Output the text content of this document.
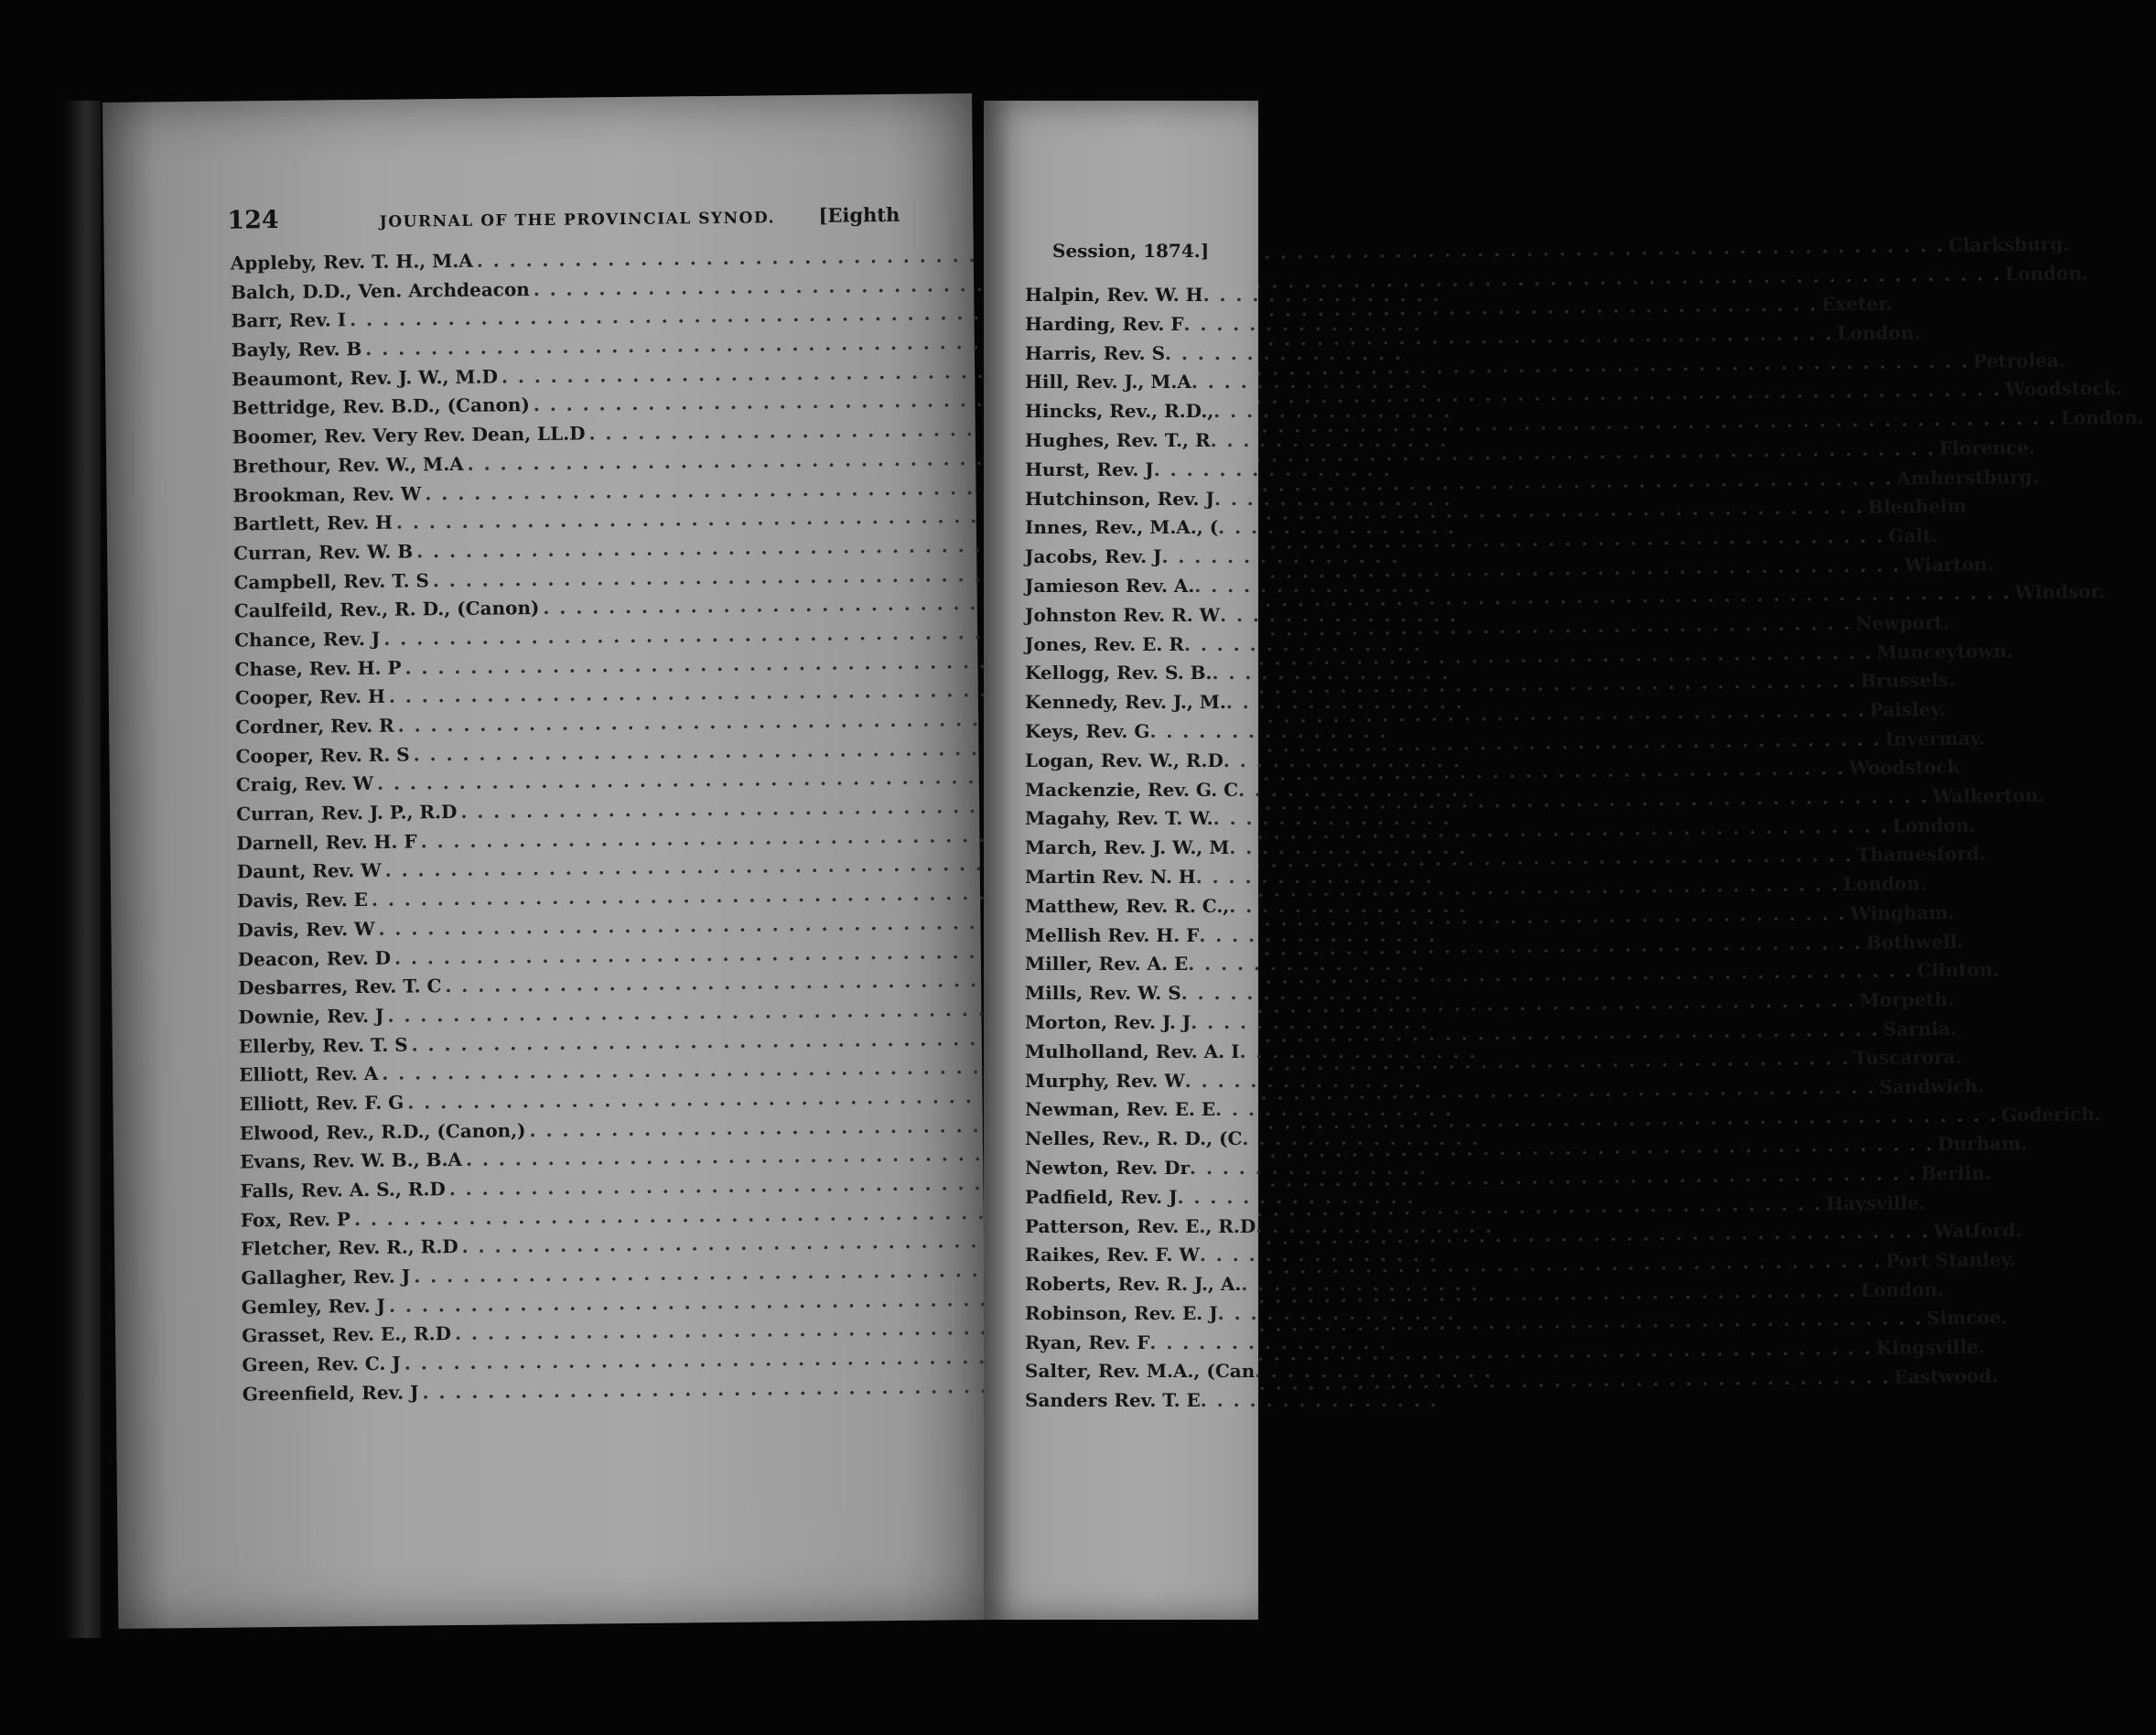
124	JOURNAL OF THE PROVINCIAL SYNOD.	[Eighth
Appleby, Rev. T. H., M.A
. . .
Clarksburg.
Balch, D.D., Ven. Archdeacon
. . .
London.
Barr, Rev. I
. . .
Exeter.
Bayly, Rev. B
. . .
London.
Beaumont, Rev. J. W., M.D
. . .
Petrolea.
Bettridge, Rev. B.D., (Canon)
. . .
Woodstock.
Boomer, Rev. Very Rev. Dean, LL.D
. . .
London.
Brethour, Rev. W., M.A
. . .
Florence.
Brookman, Rev. W
. . .
Amherstburg.
Bartlett, Rev. H
. . .
Blenheim
Curran, Rev. W. B
. . .
Galt.
Campbell, Rev. T. S
. . .
Wiarton.
Caulfeild, Rev., R. D., (Canon)
. . .
Windsor.
Chance, Rev. J
. . .
Newport.
Chase, Rev. H. P
. . .
Munceytown.
Cooper, Rev. H
. . .
Brussels.
Cordner, Rev. R
. . .
Paisley.
Cooper, Rev. R. S
. . .
Invermay.
Craig, Rev. W
. . .
Woodstock
Curran, Rev. J. P., R.D
. . .
Walkerton.
Darnell, Rev. H. F
. . .
London.
Daunt, Rev. W
. . .
Thamesford.
Davis, Rev. E
. . .
London.
Davis, Rev. W
. . .
Wingham.
Deacon, Rev. D
. . .
Bothwell.
Desbarres, Rev. T. C
. . .
Clinton.
Downie, Rev. J
. . .
Morpeth.
Ellerby, Rev. T. S
. . .
Sarnia.
Elliott, Rev. A
. . .
Tuscarora.
Elliott, Rev. F. G
. . .
Sandwich.
Elwood, Rev., R.D., (Canon,)
. . .
Goderich.
Evans, Rev. W. B., B.A
. . .
Durham.
Falls, Rev. A. S., R.D
. . .
Berlin.
Fox, Rev. P
. . .
Haysville.
Fletcher, Rev. R., R.D
. . .
Watford.
Gallagher, Rev. J
. . .
Port Stanley.
Gemley, Rev. J
. . .
London.
Grasset, Rev. E., R.D
. . .
Simcoe.
Green, Rev. C. J
. . .
Kingsville.
Greenfield, Rev. J
. . .
Eastwood.
Session, 1874.]
Halpin, Rev. W. H. . .
Harding, Rev. F. . .
Harris, Rev. S. . .
Hill, Rev. J., M.A. . .
Hincks, Rev., R.D.,. . .
Hughes, Rev. T., R. . .
Hurst, Rev. J. . .
Hutchinson, Rev. J. . .
Innes, Rev., M.A., (. . .
Jacobs, Rev. J. . .
Jamieson Rev. A.. . .
Johnston Rev. R. W. . .
Jones, Rev. E. R. . .
Kellogg, Rev. S. B.. . .
Kennedy, Rev. J., M.. . .
Keys, Rev. G. . .
Logan, Rev. W., R.D. . .
Mackenzie, Rev. G. C. . .
Magahy, Rev. T. W.. . .
March, Rev. J. W., M. . .
Martin Rev. N. H. . .
Matthew, Rev. R. C.,. . .
Mellish Rev. H. F. . .
Miller, Rev. A. E. . .
Mills, Rev. W. S. . .
Morton, Rev. J. J. . .
Mulholland, Rev. A. I. . .
Murphy, Rev. W. . .
Newman, Rev. E. E. . .
Nelles, Rev., R. D., (C. . .
Newton, Rev. Dr. . .
Padfield, Rev. J. . .
Patterson, Rev. E., R.D. . .
Raikes, Rev. F. W. . .
Roberts, Rev. R. J., A.. . .
Robinson, Rev. E. J. . .
Ryan, Rev. F. . .
Salter, Rev. M.A., (Can. . .
Sanders Rev. T. E. . .
